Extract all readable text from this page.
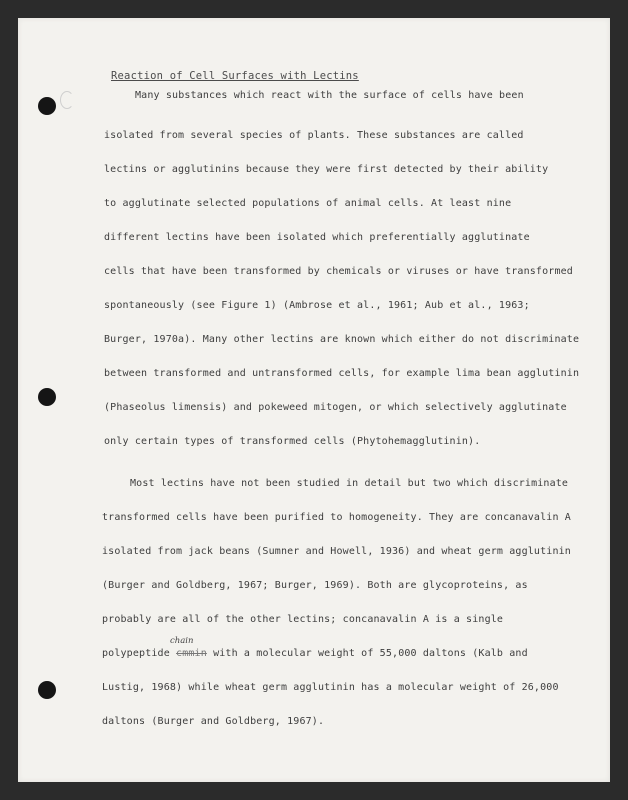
Reaction of Cell Surfaces with Lectins
Many substances which react with the surface of cells have been
isolated from several species of plants. These substances are called
lectins or agglutinins because they were first detected by their ability
to agglutinate selected populations of animal cells. At least nine
different lectins have been isolated which preferentially agglutinate
cells that have been transformed by chemicals or viruses or have transformed
spontaneously (see Figure 1) (Ambrose et al., 1961; Aub et al., 1963;
Burger, 1970a). Many other lectins are known which either do not discriminate
between transformed and untransformed cells, for example lima bean agglutinin
(Phaseolus limensis) and pokeweed mitogen, or which selectively agglutinate
only certain types of transformed cells (Phytohemagglutinin).
Most lectins have not been studied in detail but two which discriminate
transformed cells have been purified to homogeneity. They are concanavalin A
isolated from jack beans (Sumner and Howell, 1936) and wheat germ agglutinin
(Burger and Goldberg, 1967; Burger, 1969). Both are glycoproteins, as
probably are all of the other lectins; concanavalin A is a single
polypeptide cmmin with a molecular weight of 55,000 daltons (Kalb and
chain
Lustig, 1968) while wheat germ agglutinin has a molecular weight of 26,000
daltons (Burger and Goldberg, 1967).
